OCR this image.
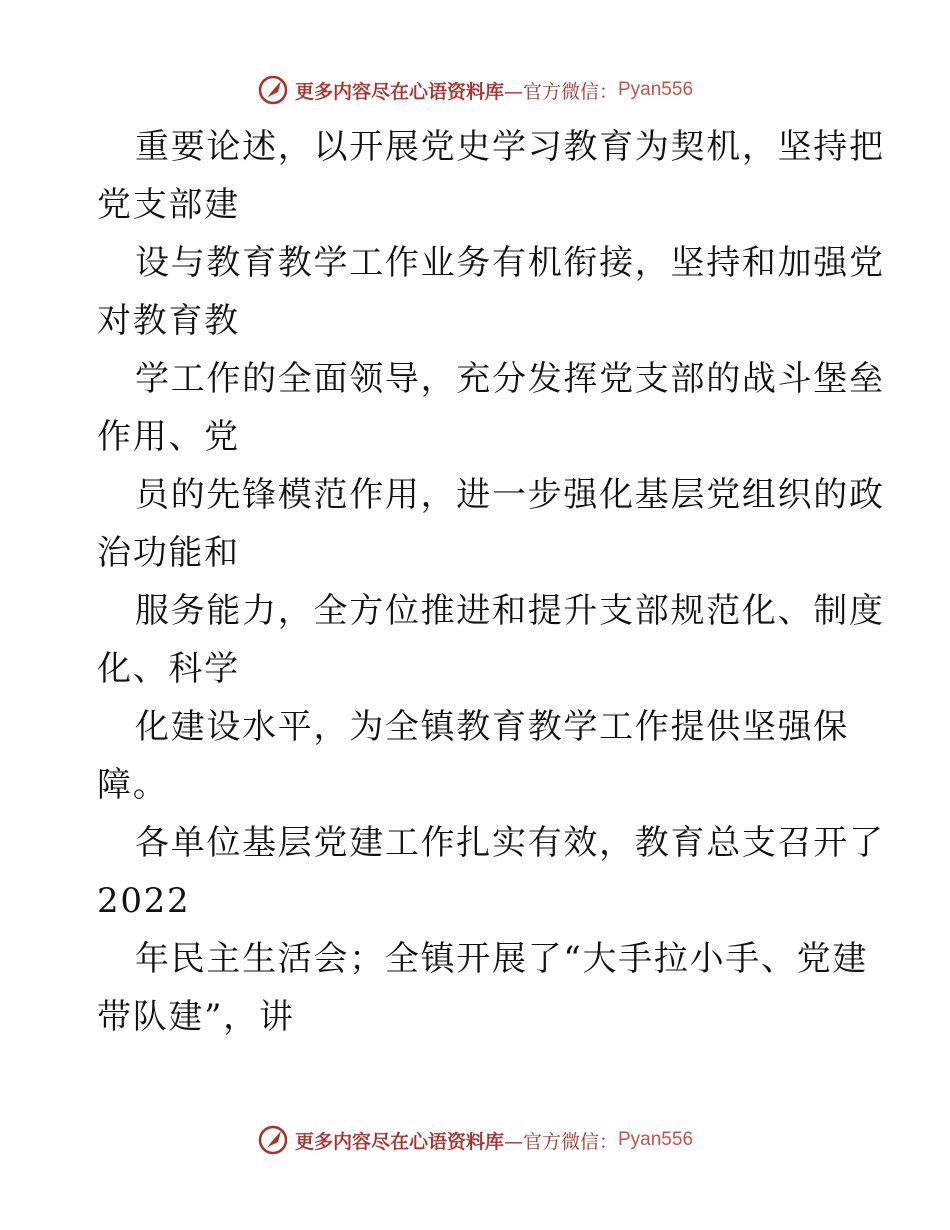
更多内容尽在心语资料库 —官方微信： Pyan556
重要论述，以开展党史学习教育为契机，坚持把
党支部建
设与教育教学工作业务有机衔接，坚持和加强党
对教育教
学工作的全面领导，充分发挥党支部的战斗堡垒
作用、党
员的先锋模范作用，进一步强化基层党组织的政
治功能和
服务能力，全方位推进和提升支部规范化、制度
化、科学
化建设水平，为全镇教育教学工作提供坚强保
障。
各单位基层党建工作扎实有效，教育总支召开了
2022
年民主生活会；全镇开展了“大手拉小手、党建
带队建”，讲
更多内容尽在心语资料库 —官方微信： Pyan556
